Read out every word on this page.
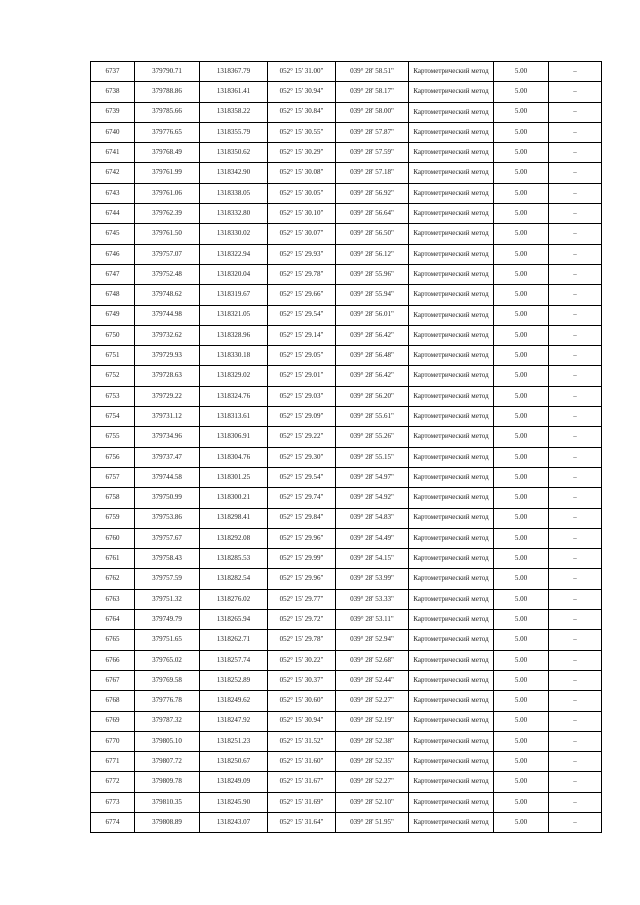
6737	379790.71	1318367.79	052° 15' 31.00"	039° 28' 58.51"	Картометрический метод	5.00	–
6738	379788.86	1318361.41	052° 15' 30.94"	039° 28' 58.17"	Картометрический метод	5.00	–
6739	379785.66	1318358.22	052° 15' 30.84"	039° 28' 58.00"	Картометрический метод	5.00	–
6740	379776.65	1318355.79	052° 15' 30.55"	039° 28' 57.87"	Картометрический метод	5.00	–
6741	379768.49	1318350.62	052° 15' 30.29"	039° 28' 57.59"	Картометрический метод	5.00	–
6742	379761.99	1318342.90	052° 15' 30.08"	039° 28' 57.18"	Картометрический метод	5.00	–
6743	379761.06	1318338.05	052° 15' 30.05"	039° 28' 56.92"	Картометрический метод	5.00	–
6744	379762.39	1318332.80	052° 15' 30.10"	039° 28' 56.64"	Картометрический метод	5.00	–
6745	379761.50	1318330.02	052° 15' 30.07"	039° 28' 56.50"	Картометрический метод	5.00	–
6746	379757.07	1318322.94	052° 15' 29.93"	039° 28' 56.12"	Картометрический метод	5.00	–
6747	379752.48	1318320.04	052° 15' 29.78"	039° 28' 55.96"	Картометрический метод	5.00	–
6748	379748.62	1318319.67	052° 15' 29.66"	039° 28' 55.94"	Картометрический метод	5.00	–
6749	379744.98	1318321.05	052° 15' 29.54"	039° 28' 56.01"	Картометрический метод	5.00	–
6750	379732.62	1318328.96	052° 15' 29.14"	039° 28' 56.42"	Картометрический метод	5.00	–
6751	379729.93	1318330.18	052° 15' 29.05"	039° 28' 56.48"	Картометрический метод	5.00	–
6752	379728.63	1318329.02	052° 15' 29.01"	039° 28' 56.42"	Картометрический метод	5.00	–
6753	379729.22	1318324.76	052° 15' 29.03"	039° 28' 56.20"	Картометрический метод	5.00	–
6754	379731.12	1318313.61	052° 15' 29.09"	039° 28' 55.61"	Картометрический метод	5.00	–
6755	379734.96	1318306.91	052° 15' 29.22"	039° 28' 55.26"	Картометрический метод	5.00	–
6756	379737.47	1318304.76	052° 15' 29.30"	039° 28' 55.15"	Картометрический метод	5.00	–
6757	379744.58	1318301.25	052° 15' 29.54"	039° 28' 54.97"	Картометрический метод	5.00	–
6758	379750.99	1318300.21	052° 15' 29.74"	039° 28' 54.92"	Картометрический метод	5.00	–
6759	379753.86	1318298.41	052° 15' 29.84"	039° 28' 54.83"	Картометрический метод	5.00	–
6760	379757.67	1318292.08	052° 15' 29.96"	039° 28' 54.49"	Картометрический метод	5.00	–
6761	379758.43	1318285.53	052° 15' 29.99"	039° 28' 54.15"	Картометрический метод	5.00	–
6762	379757.59	1318282.54	052° 15' 29.96"	039° 28' 53.99"	Картометрический метод	5.00	–
6763	379751.32	1318276.02	052° 15' 29.77"	039° 28' 53.33"	Картометрический метод	5.00	–
6764	379749.79	1318265.94	052° 15' 29.72"	039° 28' 53.11"	Картометрический метод	5.00	–
6765	379751.65	1318262.71	052° 15' 29.78"	039° 28' 52.94"	Картометрический метод	5.00	–
6766	379765.02	1318257.74	052° 15' 30.22"	039° 28' 52.68"	Картометрический метод	5.00	–
6767	379769.58	1318252.89	052° 15' 30.37"	039° 28' 52.44"	Картометрический метод	5.00	–
6768	379776.78	1318249.62	052° 15' 30.60"	039° 28' 52.27"	Картометрический метод	5.00	–
6769	379787.32	1318247.92	052° 15' 30.94"	039° 28' 52.19"	Картометрический метод	5.00	–
6770	379805.10	1318251.23	052° 15' 31.52"	039° 28' 52.38"	Картометрический метод	5.00	–
6771	379807.72	1318250.67	052° 15' 31.60"	039° 28' 52.35"	Картометрический метод	5.00	–
6772	379809.78	1318249.09	052° 15' 31.67"	039° 28' 52.27"	Картометрический метод	5.00	–
6773	379810.35	1318245.90	052° 15' 31.69"	039° 28' 52.10"	Картометрический метод	5.00	–
6774	379808.89	1318243.07	052° 15' 31.64"	039° 28' 51.95"	Картометрический метод	5.00	–
